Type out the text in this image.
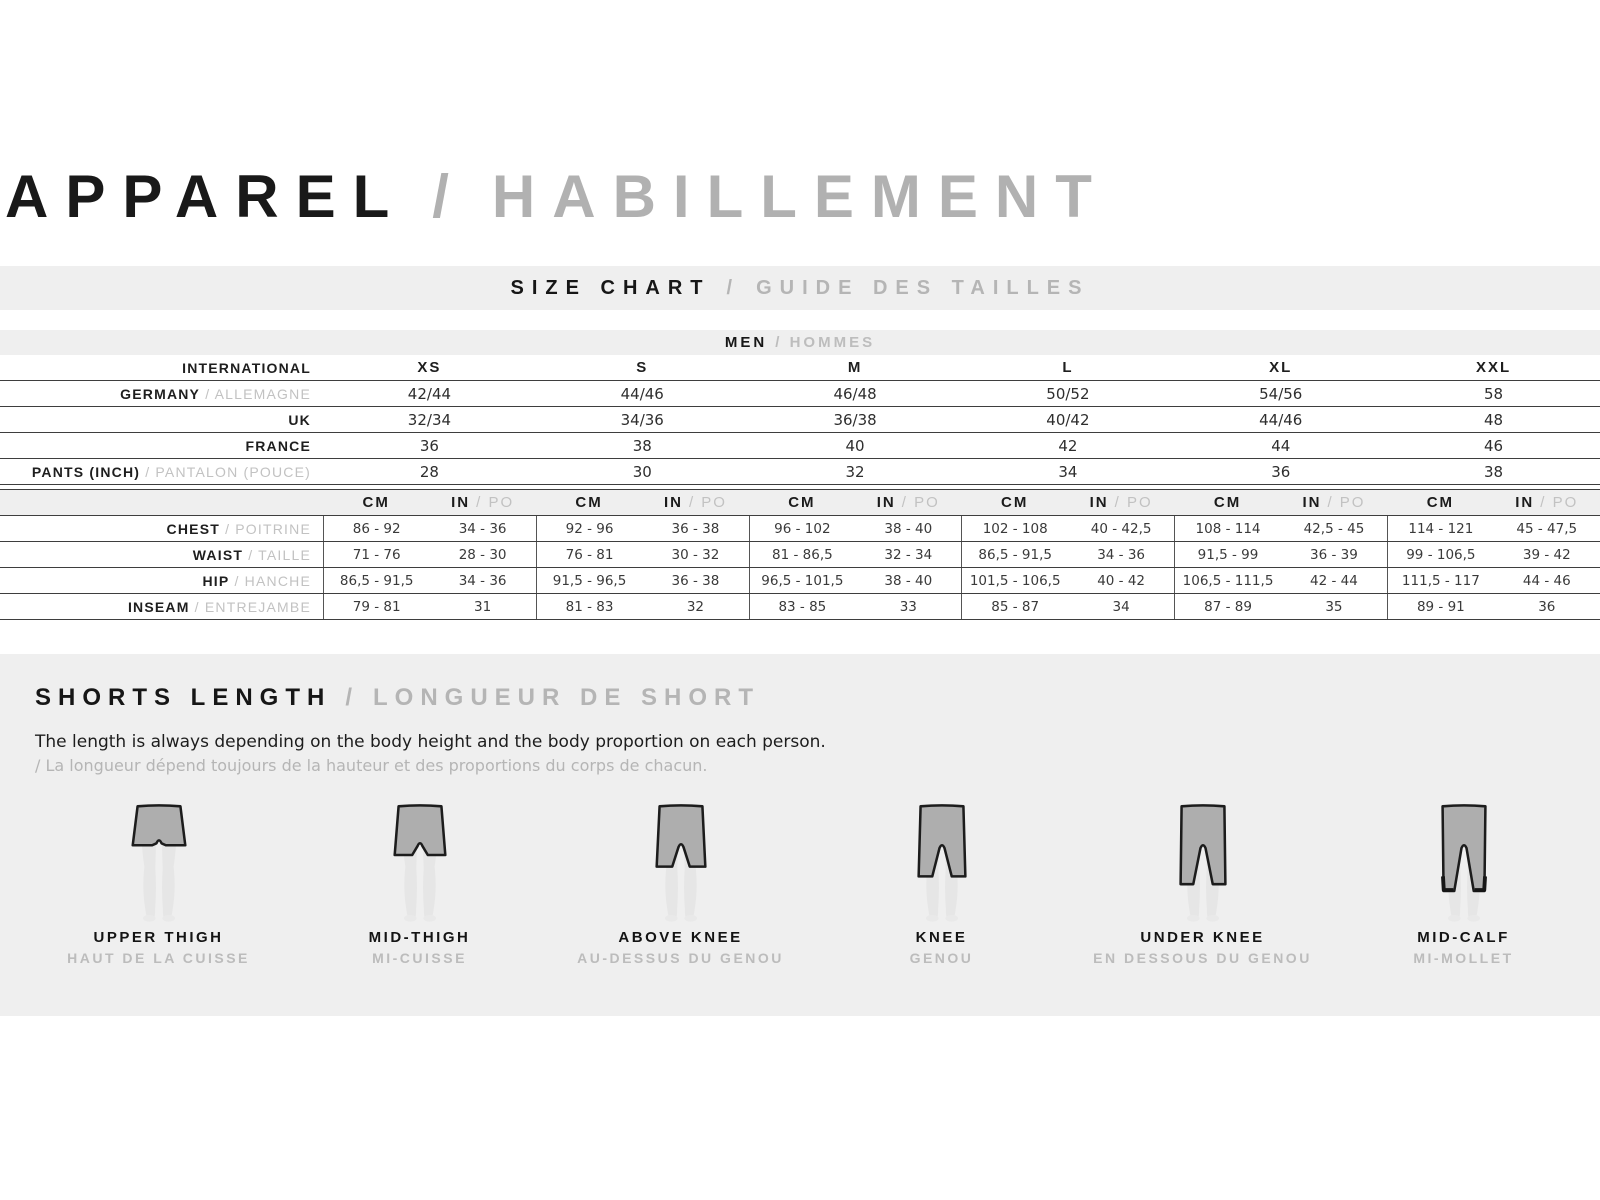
APPAREL / HABILLEMENT
SIZE CHART / GUIDE DES TAILLES
MEN / HOMMES
INTERNATIONAL	XS	S	M	L	XL	XXL
GERMANY / ALLEMAGNE	42/44	44/46	46/48	50/52	54/56	58
UK	32/34	34/36	36/38	40/42	44/46	48
FRANCE	36	38	40	42	44	46
PANTS (INCH) / PANTALON (POUCE)	28	30	32	34	36	38
CM	IN / PO	CM	IN / PO	CM	IN / PO	CM	IN / PO	CM	IN / PO	CM	IN / PO
CHEST / POITRINE	86 - 92	34 - 36	92 - 96	36 - 38	96 - 102	38 - 40	102 - 108	40 - 42,5	108 - 114	42,5 - 45	114 - 121	45 - 47,5
WAIST / TAILLE	71 - 76	28 - 30	76 - 81	30 - 32	81 - 86,5	32 - 34	86,5 - 91,5	34 - 36	91,5 - 99	36 - 39	99 - 106,5	39 - 42
HIP / HANCHE	86,5 - 91,5	34 - 36	91,5 - 96,5	36 - 38	96,5 - 101,5	38 - 40	101,5 - 106,5	40 - 42	106,5 - 111,5	42 - 44	111,5 - 117	44 - 46
INSEAM / ENTREJAMBE	79 - 81	31	81 - 83	32	83 - 85	33	85 - 87	34	87 - 89	35	89 - 91	36
SHORTS LENGTH / LONGUEUR DE SHORT
The length is always depending on the body height and the body proportion on each person.
/ La longueur dépend toujours de la hauteur et des proportions du corps de chacun.
UPPER THIGH
HAUT DE LA CUISSE
MID-THIGH
MI-CUISSE
ABOVE KNEE
AU-DESSUS DU GENOU
KNEE
GENOU
UNDER KNEE
EN DESSOUS DU GENOU
MID-CALF
MI-MOLLET
